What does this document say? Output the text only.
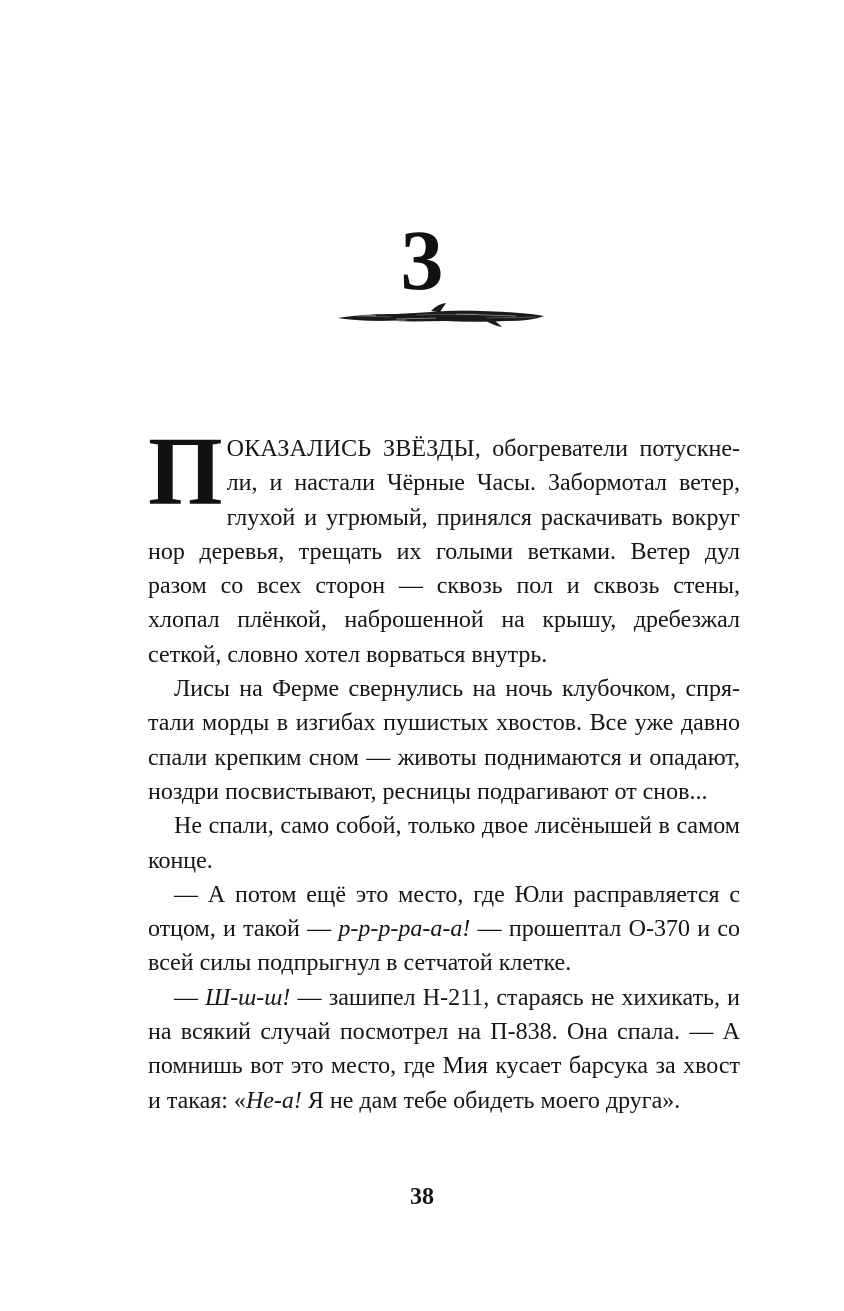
3

ПОКАЗАЛИСЬ ЗВЁЗДЫ, обогреватели потускнели, и настали Чёрные Часы. Забормотал ветер, глухой и угрюмый, принялся раскачивать вокруг нор деревья, трещать их голыми ветками. Ветер дул разом со всех сторон — сквозь пол и сквозь стены, хлопал плёнкой, наброшенной на крышу, дребезжал сеткой, словно хотел ворваться внутрь.

Лисы на Ферме свернулись на ночь клубочком, спрятали морды в изгибах пушистых хвостов. Все уже давно спали крепким сном — животы поднимаются и опадают, ноздри посвистывают, ресницы подрагивают от снов...

Не спали, само собой, только двое лисёнышей в самом конце.

— А потом ещё это место, где Юли расправляется с отцом, и такой — р-р-р-ра-а-а! — прошептал О-370 и со всей силы подпрыгнул в сетчатой клетке.

— Ш-ш-ш! — зашипел Н-211, стараясь не хихикать, и на всякий случай посмотрел на П-838. Она спала. — А помнишь вот это место, где Мия кусает барсука за хвост и такая: «Не-а! Я не дам тебе обидеть моего друга».

38
